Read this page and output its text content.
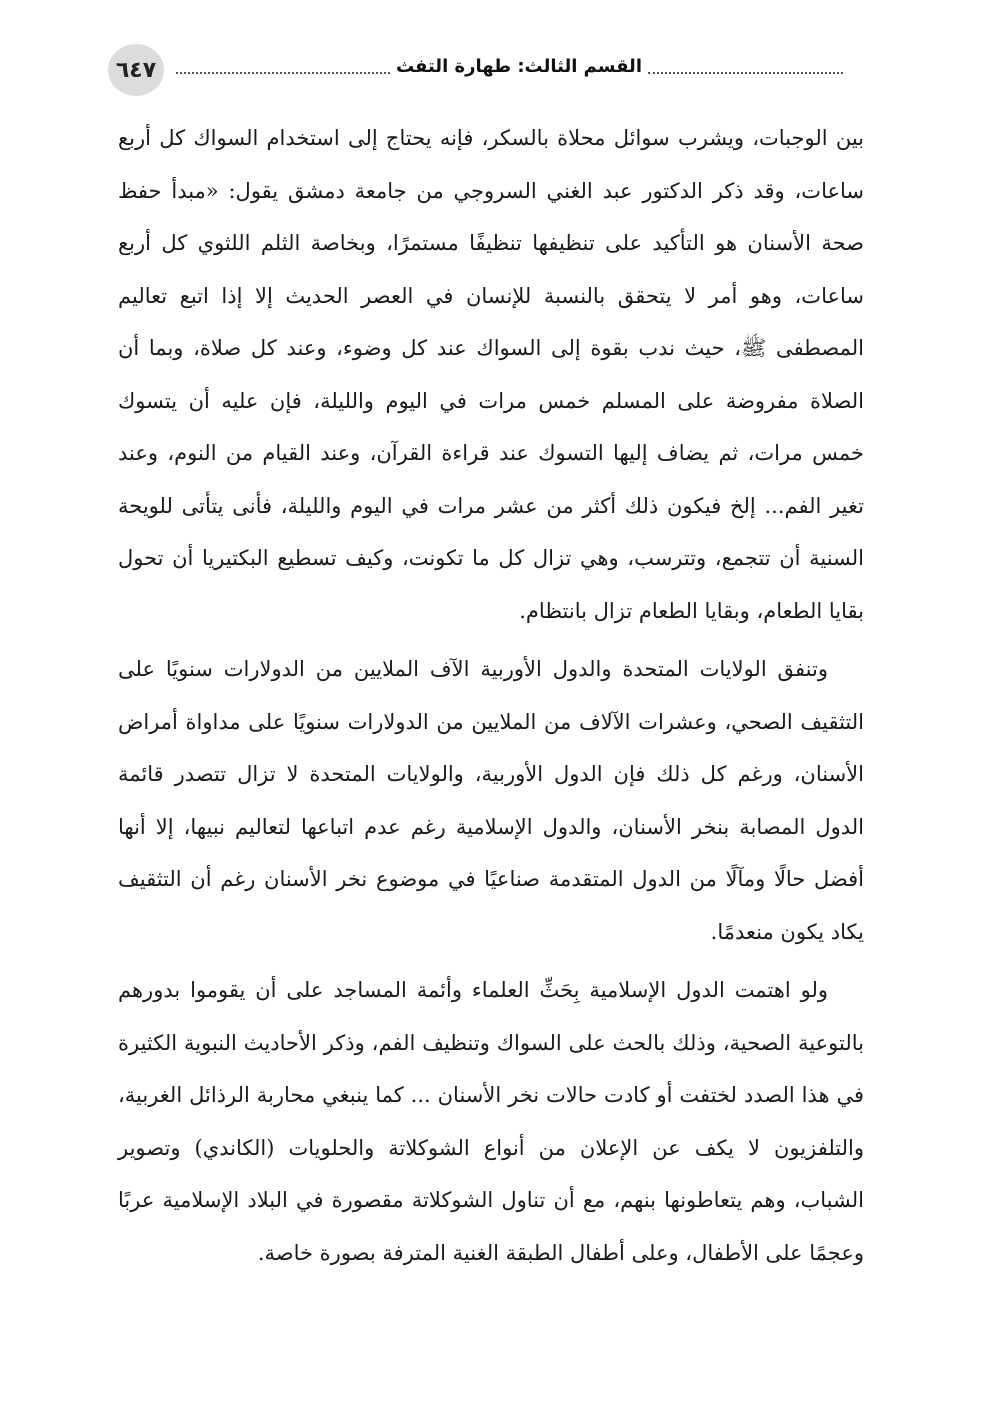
٦٤٧	القسم الثالث: طهارة التفث

بين الوجبات، ويشرب سوائل محلاة بالسكر، فإنه يحتاج إلى استخدام السواك كل أربع ساعات، وقد ذكر الدكتور عبد الغني السروجي من جامعة دمشق يقول: «مبدأ حفظ صحة الأسنان هو التأكيد على تنظيفها تنظيفًا مستمرًا، وبخاصة الثلم اللثوي كل أربع ساعات، وهو أمر لا يتحقق بالنسبة للإنسان في العصر الحديث إلا إذا اتبع تعاليم المصطفى ﷺ، حيث ندب بقوة إلى السواك عند كل وضوء، وعند كل صلاة، وبما أن الصلاة مفروضة على المسلم خمس مرات في اليوم والليلة، فإن عليه أن يتسوك خمس مرات، ثم يضاف إليها التسوك عند قراءة القرآن، وعند القيام من النوم، وعند تغير الفم... إلخ فيكون ذلك أكثر من عشر مرات في اليوم والليلة، فأنى يتأتى للويحة السنية أن تتجمع، وتترسب، وهي تزال كل ما تكونت، وكيف تسطيع البكتيريا أن تحول بقايا الطعام، وبقايا الطعام تزال بانتظام.

وتنفق الولايات المتحدة والدول الأوربية الآف الملايين من الدولارات سنويًا على التثقيف الصحي، وعشرات الآلاف من الملايين من الدولارات سنويًا على مداواة أمراض الأسنان، ورغم كل ذلك فإن الدول الأوربية، والولايات المتحدة لا تزال تتصدر قائمة الدول المصابة بنخر الأسنان، والدول الإسلامية رغم عدم اتباعها لتعاليم نبيها، إلا أنها أفضل حالًا ومآلًا من الدول المتقدمة صناعيًا في موضوع نخر الأسنان رغم أن التثقيف يكاد يكون منعدمًا.

ولو اهتمت الدول الإسلامية بِحَثِّ العلماء وأئمة المساجد على أن يقوموا بدورهم بالتوعية الصحية، وذلك بالحث على السواك وتنظيف الفم، وذكر الأحاديث النبوية الكثيرة في هذا الصدد لختفت أو كادت حالات نخر الأسنان ... كما ينبغي محاربة الرذائل الغربية، والتلفزيون لا يكف عن الإعلان من أنواع الشوكلاتة والحلويات (الكاندي) وتصوير الشباب، وهم يتعاطونها بنهم، مع أن تناول الشوكلاتة مقصورة في البلاد الإسلامية عربًا وعجمًا على الأطفال، وعلى أطفال الطبقة الغنية المترفة بصورة خاصة.
